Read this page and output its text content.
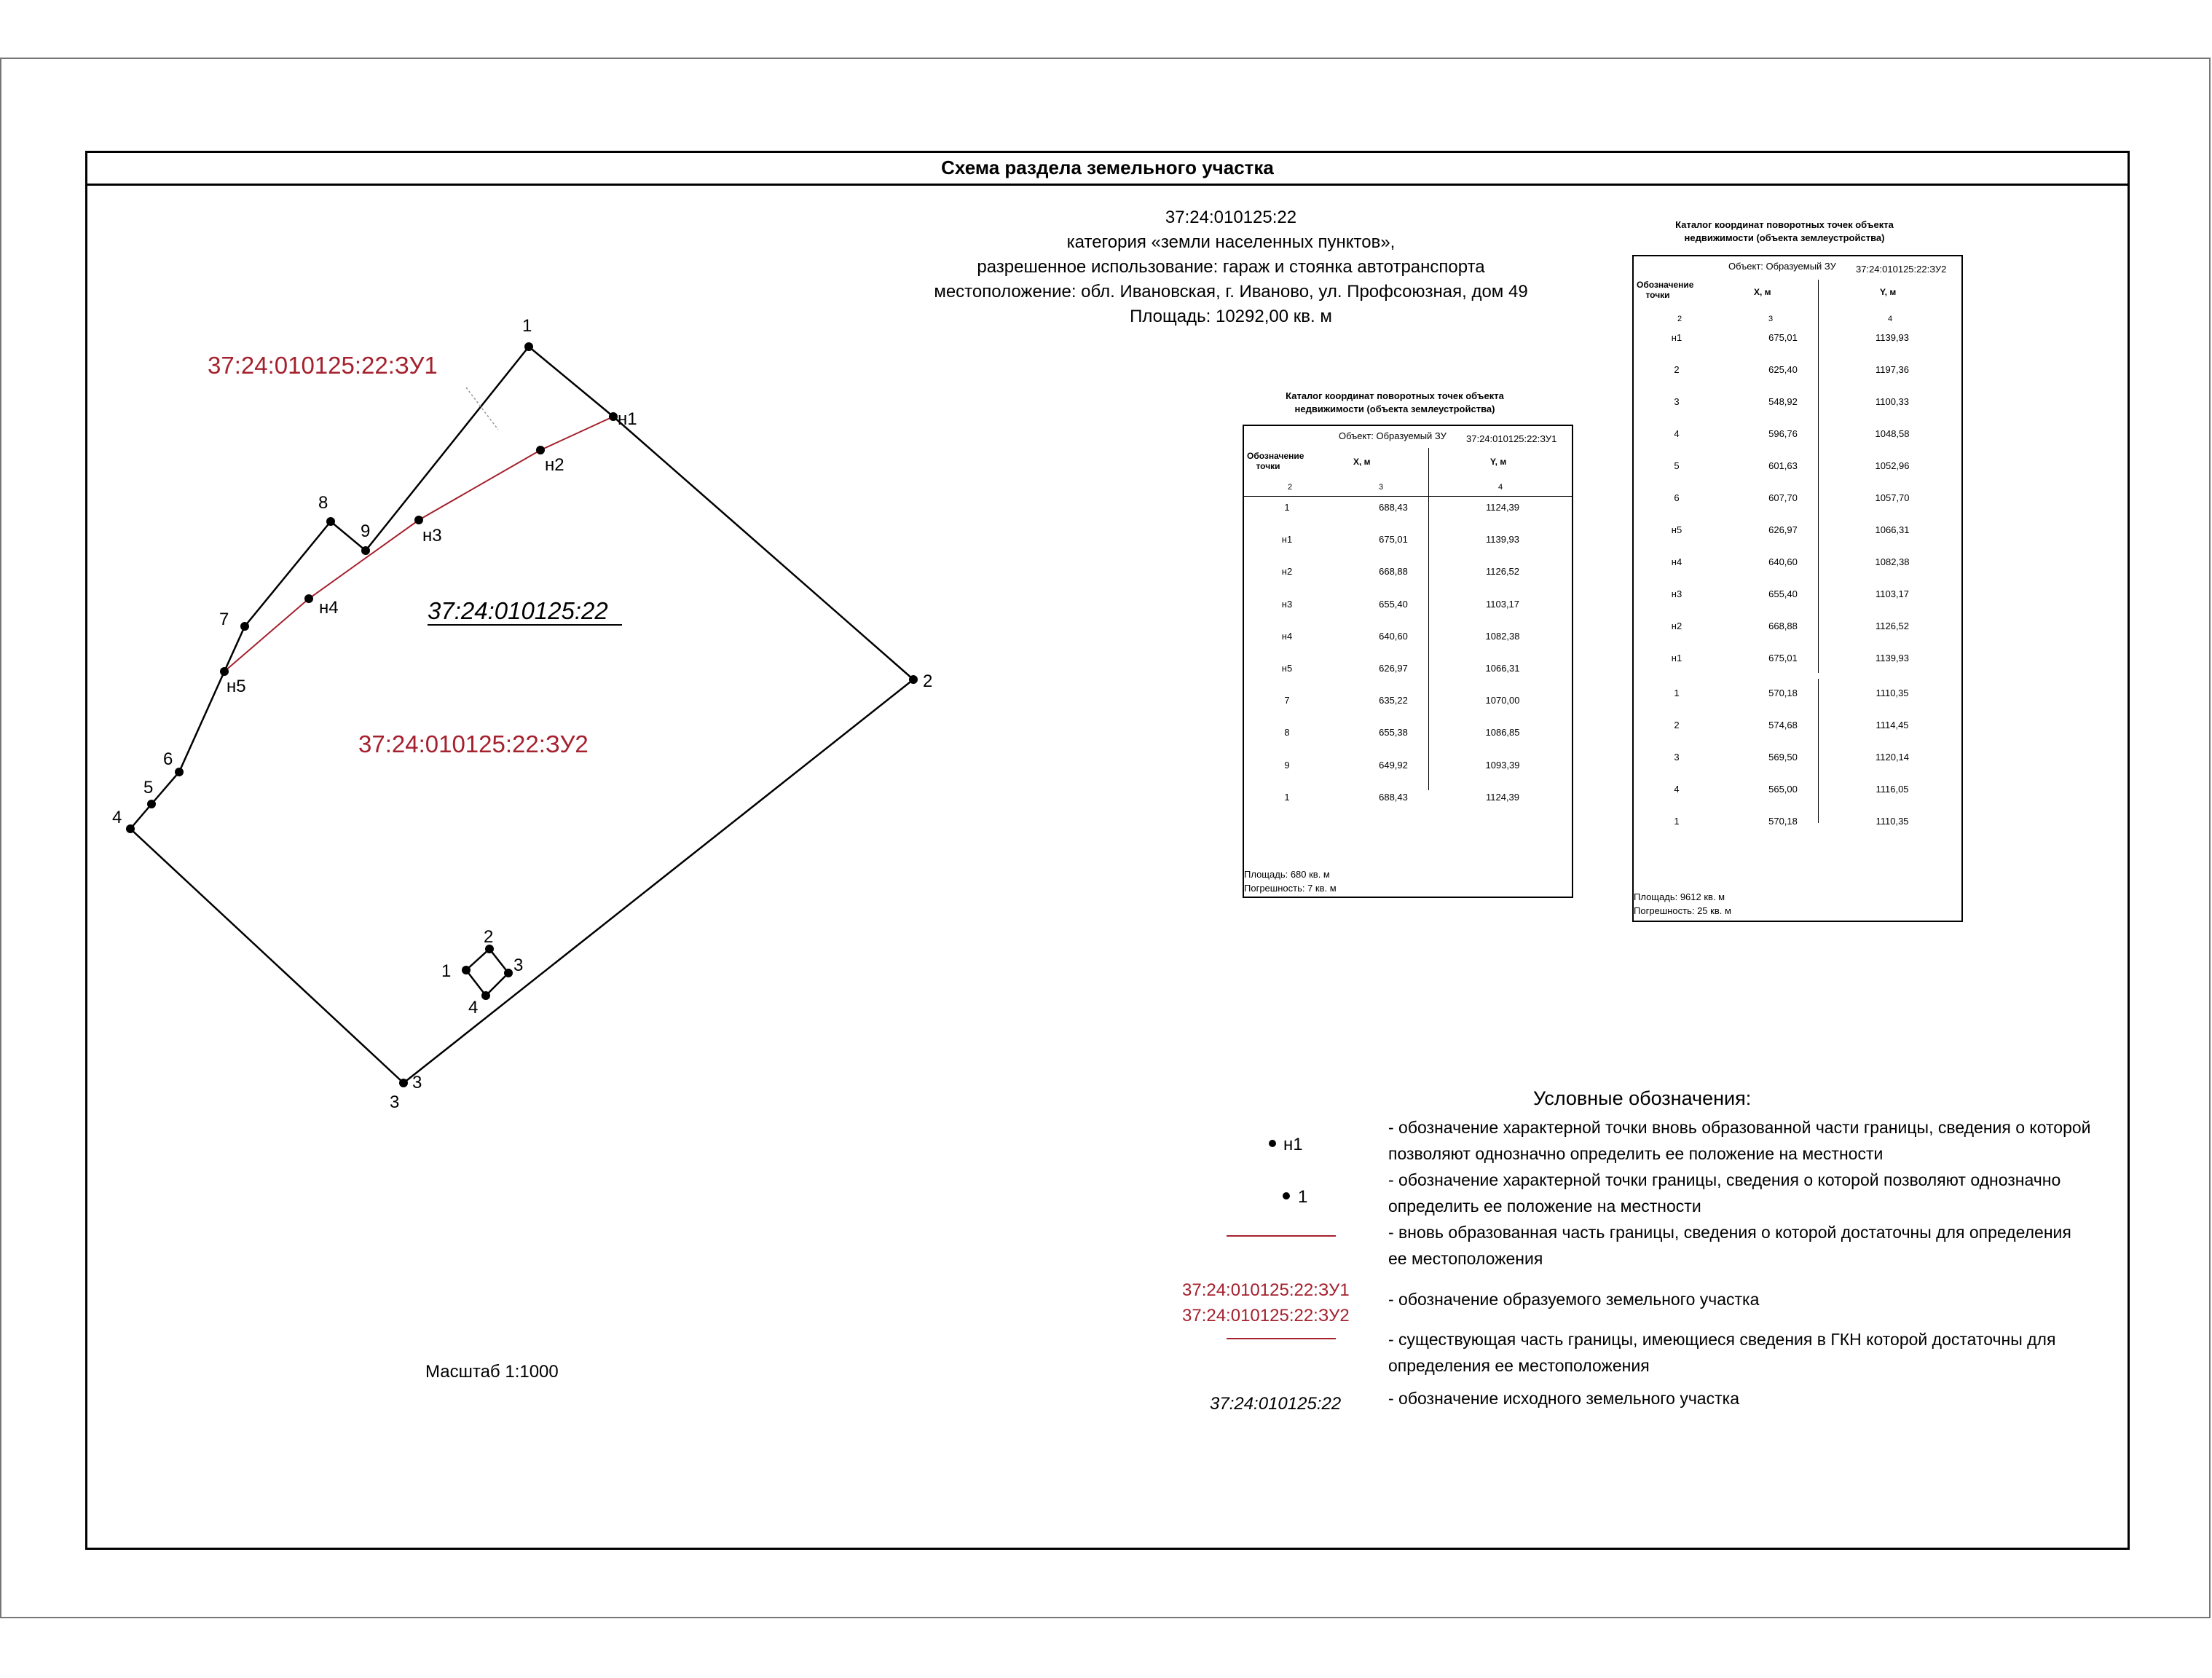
Схема раздела земельного участка
37:24:010125:22
категория «земли населенных пунктов»,
разрешенное использование: гараж и стоянка автотранспорта
местоположение: обл. Ивановская, г. Иваново, ул. Профсоюзная, дом 49
Площадь: 10292,00 кв. м
1
н1
н2
н3
9
8
н4
7
н5
6
5
4
3
3
2
1
2
3
4
37:24:010125:22:ЗУ1
37:24:010125:22:ЗУ2
37:24:010125:22
н1
1
37:24:010125:22:ЗУ1
37:24:010125:22:ЗУ2
37:24:010125:22
Масштаб 1:1000
Каталог координат поворотных точек объекта
недвижимости (объекта землеустройства)
Объект: Образуемый ЗУ 37:24:010125:22:ЗУ1
Обозначение точки	X, м	Y, м
2	3	4
1	688,43	1124,39
н1	675,01	1139,93
н2	668,88	1126,52
н3	655,40	1103,17
н4	640,60	1082,38
н5	626,97	1066,31
7	635,22	1070,00
8	655,38	1086,85
9	649,92	1093,39
1	688,43	1124,39
Площадь: 680 кв. м
Погрешность: 7 кв. м
Каталог координат поворотных точек объекта
недвижимости (объекта землеустройства)
Объект: Образуемый ЗУ 37:24:010125:22:ЗУ2
Обозначение точки	X, м	Y, м
2	3	4
н1	675,01	1139,93
2	625,40	1197,36
3	548,92	1100,33
4	596,76	1048,58
5	601,63	1052,96
6	607,70	1057,70
н5	626,97	1066,31
н4	640,60	1082,38
н3	655,40	1103,17
н2	668,88	1126,52
н1	675,01	1139,93
1	570,18	1110,35
2	574,68	1114,45
3	569,50	1120,14
4	565,00	1116,05
1	570,18	1110,35
Площадь: 9612 кв. м
Погрешность: 25 кв. м
Условные обозначения:
- обозначение характерной точки вновь образованной части границы, сведения о которой позволяют однозначно определить ее положение на местности
- обозначение характерной точки границы, сведения о которой позволяют однозначно определить ее положение на местности
- вновь образованная часть границы, сведения о которой достаточны для определения ее местоположения
- обозначение образуемого земельного участка
- существующая часть границы, имеющиеся сведения в ГКН которой достаточны для определения ее местоположения
- обозначение исходного земельного участка
